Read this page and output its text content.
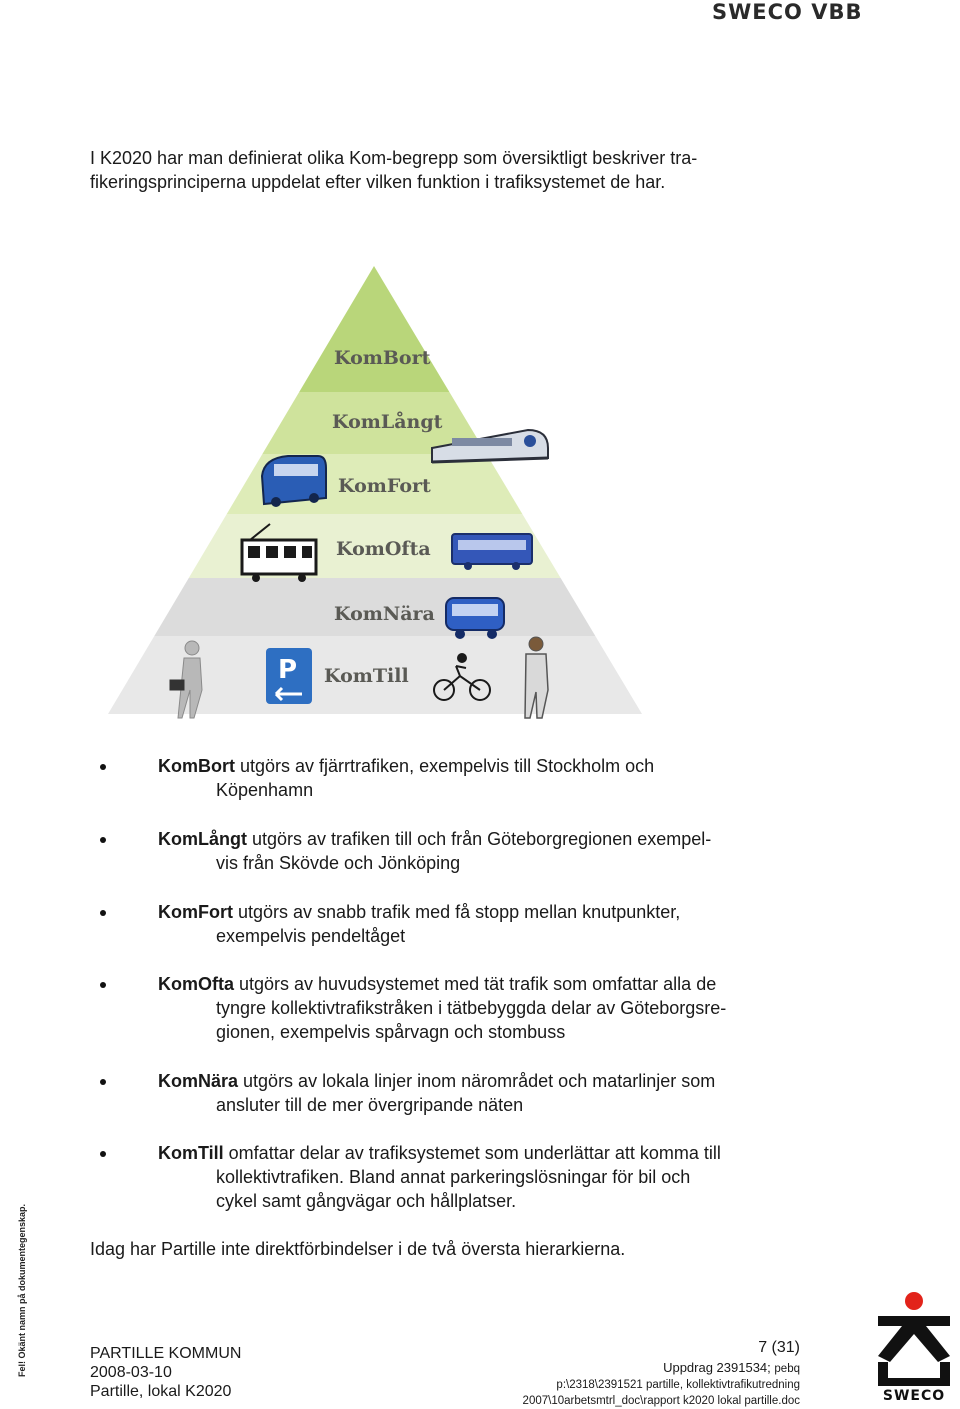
SWECO VBB

I K2020 har man definierat olika Kom-begrepp som översiktligt beskriver tra-
fikeringsprinciperna uppdelat efter vilken funktion i trafiksystemet de har.

KomBort
KomLångt
KomFort
KomOfta
KomNära
KomTill
P
KomBort utgörs av fjärrtrafiken, exempelvis till Stockholm och
Köpenhamn
KomLångt utgörs av trafiken till och från Göteborgregionen exempel-
vis från Skövde och Jönköping
KomFort utgörs av snabb trafik med få stopp mellan knutpunkter,
exempelvis pendeltåget
KomOfta utgörs av huvudsystemet med tät trafik som omfattar alla de
tyngre kollektivtrafikstråken i tätbebyggda delar av Göteborgsre-
gionen, exempelvis spårvagn och stombuss
KomNära utgörs av lokala linjer inom närområdet och matarlinjer som
ansluter till de mer övergripande näten
KomTill omfattar delar av trafiksystemet som underlättar att komma till
kollektivtrafiken. Bland annat parkeringslösningar för bil och
cykel samt gångvägar och hållplatser.

Idag har Partille inte direktförbindelser i de två översta hierarkierna.

Fel! Okänt namn på dokumentegenskap.	PARTILLE KOMMUN
2008-03-10
Partille, lokal K2020
7 (31)
Uppdrag 2391534; pebq
p:\2318\2391521 partille, kollektivtrafikutredning
2007\10arbetsmtrl_doc\rapport k2020 lokal partille.doc	SWECO
